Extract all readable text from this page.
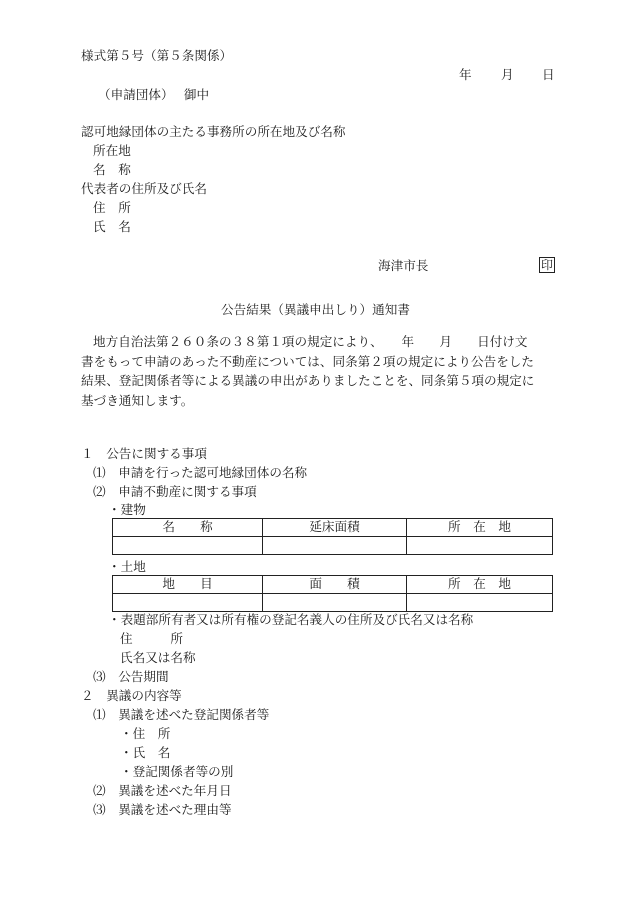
様式第５号（第５条関係）
年 月 日
（申請団体）　 御中
認可地縁団体の主たる事務所の所在地及び名称
所在地
名　称
代表者の住所及び氏名
住　所
氏　名
海津市長	印
公告結果（異議申出しり）通知書
地方自治法第２６０条の３８第１項の規定により、　　年　　月　　日付け文
書をもって申請のあった不動産については、同条第２項の規定により公告をした
結果、登記関係者等による異議の申出がありましたことを、同条第５項の規定に
基づき通知します。
１　公告に関する事項
⑴　申請を行った認可地縁団体の名称
⑵　申請不動産に関する事項
・建物
名　　称	延床面積	所　在　地

・土地
地　　目	面　　積	所　在　地

・表題部所有者又は所有権の登記名義人の住所及び氏名又は名称
住　　　所
氏名又は名称
⑶　公告期間
２　異議の内容等
⑴　異議を述べた登記関係者等
・住　所
・氏　名
・登記関係者等の別
⑵　異議を述べた年月日
⑶　異議を述べた理由等
